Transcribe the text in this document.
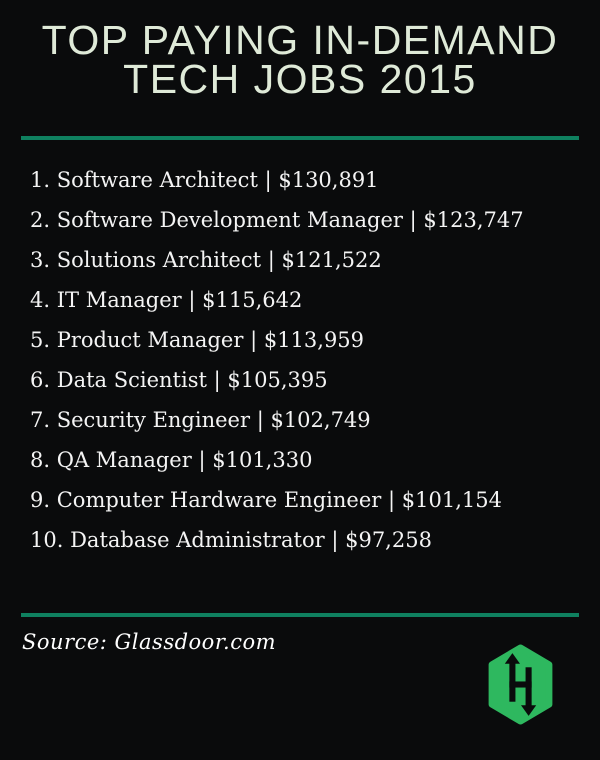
TOP PAYING IN-DEMAND
TECH JOBS 2015
1. Software Architect | $130,891
2. Software Development Manager | $123,747
3. Solutions Architect | $121,522
4. IT Manager | $115,642
5. Product Manager | $113,959
6. Data Scientist | $105,395
7. Security Engineer | $102,749
8. QA Manager | $101,330
9. Computer Hardware Engineer | $101,154
10. Database Administrator | $97,258
Source: Glassdoor.com
